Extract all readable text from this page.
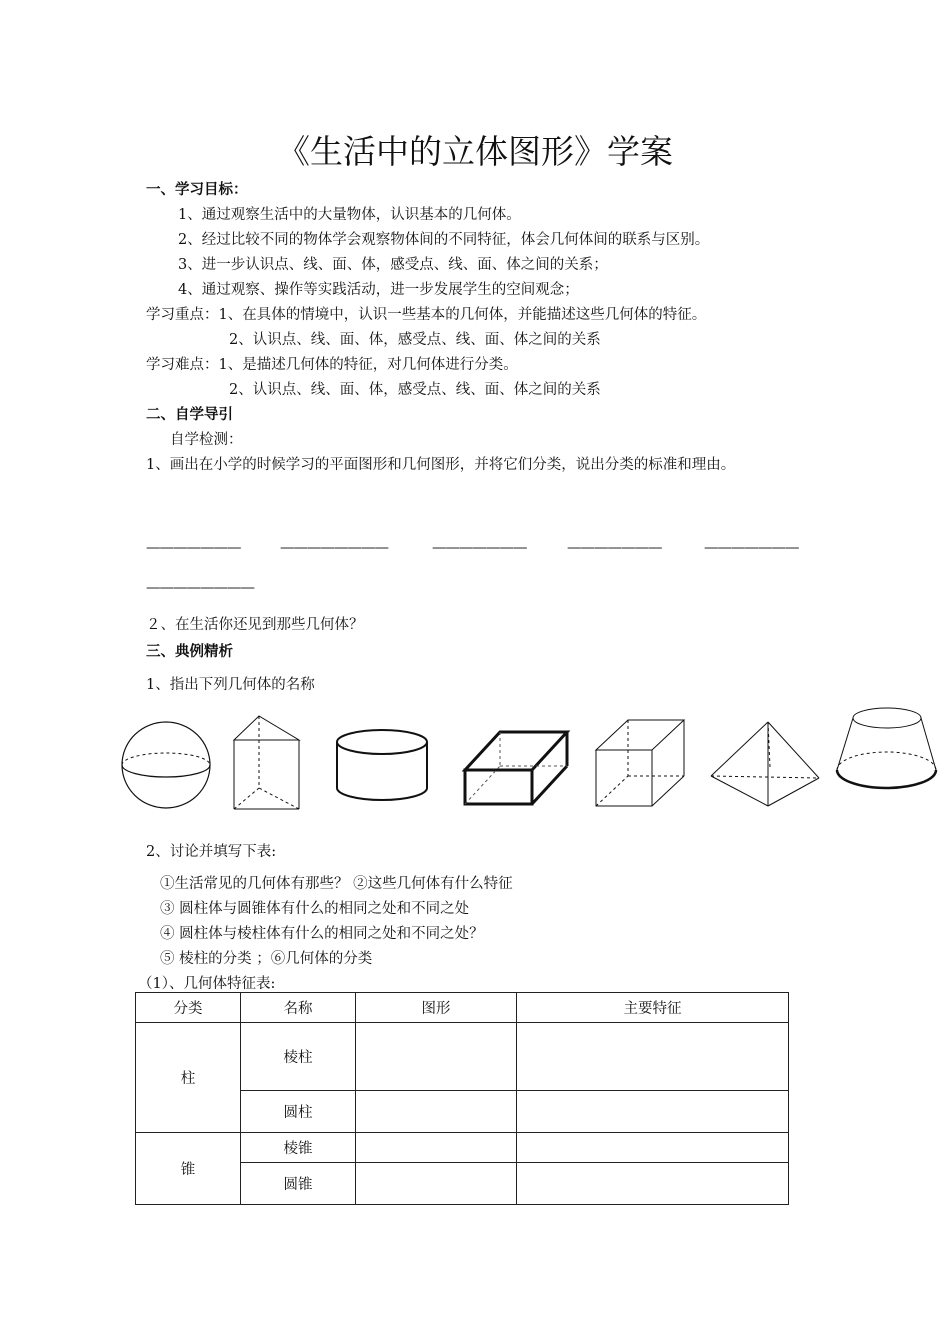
《生活中的立体图形》学案
一、学习目标：
1、通过观察生活中的大量物体，认识基本的几何体。
2、经过比较不同的物体学会观察物体间的不同特征，体会几何体间的联系与区别。
3、进一步认识点、线、面、体，感受点、线、面、体之间的关系；
4、通过观察、操作等实践活动，进一步发展学生的空间观念；
学习重点：1、在具体的情境中，认识一些基本的几何体，并能描述这些几何体的特征。
2、认识点、线、面、体，感受点、线、面、体之间的关系
学习难点：1、是描述几何体的特征，对几何体进行分类。
2、认识点、线、面、体，感受点、线、面、体之间的关系
二、自学导引
自学检测：
1、画出在小学的时候学习的平面图形和几何图形，并将它们分类，说出分类的标准和理由。
———————	————————	———————	———————	———————
————————
２、在生活你还见到那些几何体？
三、典例精析
1、指出下列几何体的名称
2、讨论并填写下表:
①生活常见的几何体有那些？ ②这些几何体有什么特征
③ 圆柱体与圆锥体有什么的相同之处和不同之处
④ 圆柱体与棱柱体有什么的相同之处和不同之处？
⑤ 棱柱的分类 ；⑥几何体的分类
（1）、几何体特征表:
分类	名称	图形	主要特征
柱	棱柱		
	圆柱		
锥	棱锥		
	圆锥		
